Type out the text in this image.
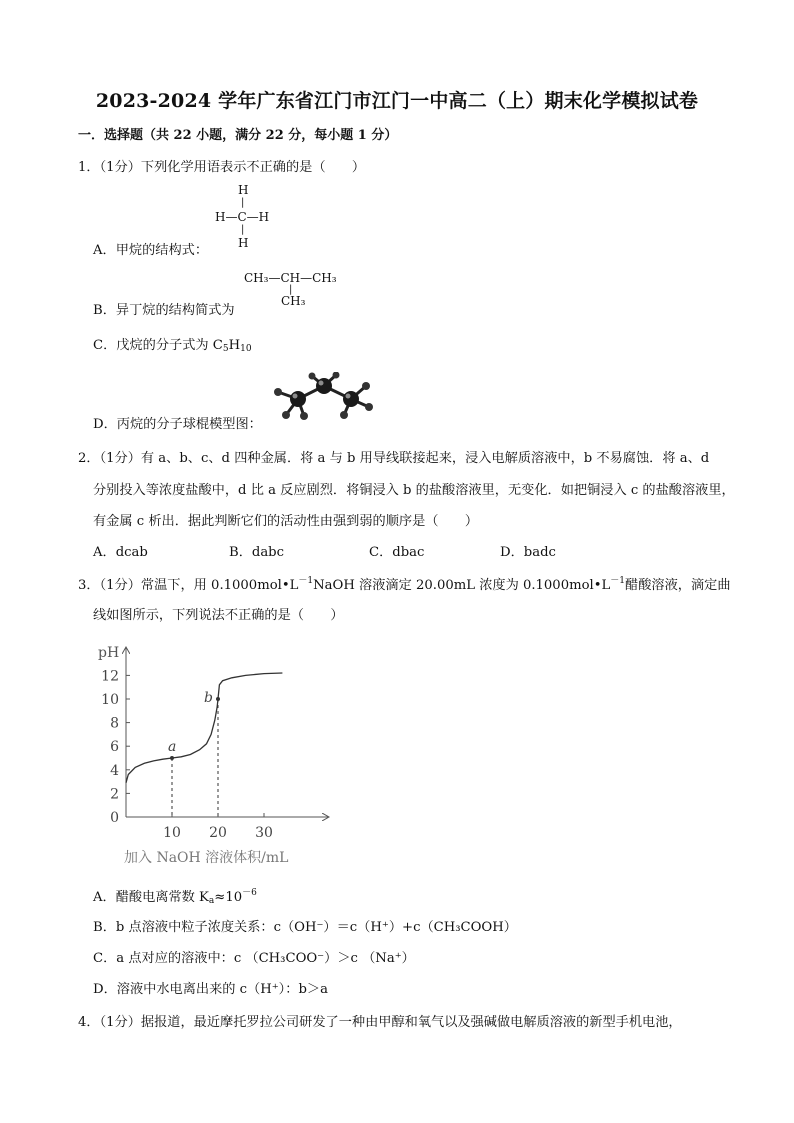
2023-2024 学年广东省江门市江门一中高二（上）期末化学模拟试卷
一．选择题（共 22 小题，满分 22 分，每小题 1 分）
1．（1分）下列化学用语表示不正确的是（　　）
H
|
H—C—H
|
H
A．甲烷的结构式：
CH₃—CH—CH₃
|
CH₃
B．异丁烷的结构简式为
C．戊烷的分子式为 $C_5H_{10}$
D．丙烷的分子球棍模型图：
2．（1分）有 a、b、c、d 四种金属．将 a 与 b 用导线联接起来，浸入电解质溶液中，b 不易腐蚀．将 a、d
分别投入等浓度盐酸中，d 比 a 反应剧烈．将铜浸入 b 的盐酸溶液里，无变化．如把铜浸入 c 的盐酸溶液里，
有金属 c 析出．据此判断它们的活动性由强到弱的顺序是（　　）
A．dcab	B．dabc	C．dbac	D．badc
3．（1分）常温下，用 $0.1000mol•L^{-1}NaOH$ 溶液滴定 20.00mL 浓度为 $0.1000mol•L^{-1}$醋酸溶液，滴定曲
线如图所示，下列说法不正确的是（　　）
0
2
4
6
8
10
12
10 20 30
pH
加入 NaOH 溶液体积/mL
a
b
A．醋酸电离常数 $K_a\approx 10^{-6}$
B．b 点溶液中粒子浓度关系：c（OH⁻）＝c（H⁺）+c（CH₃COOH）
C．a 点对应的溶液中：c （CH₃COO⁻）＞c （Na⁺）
D．溶液中水电离出来的 c（H⁺）：b＞a
4．（1分）据报道，最近摩托罗拉公司研发了一种由甲醇和氧气以及强碱做电解质溶液的新型手机电池，
